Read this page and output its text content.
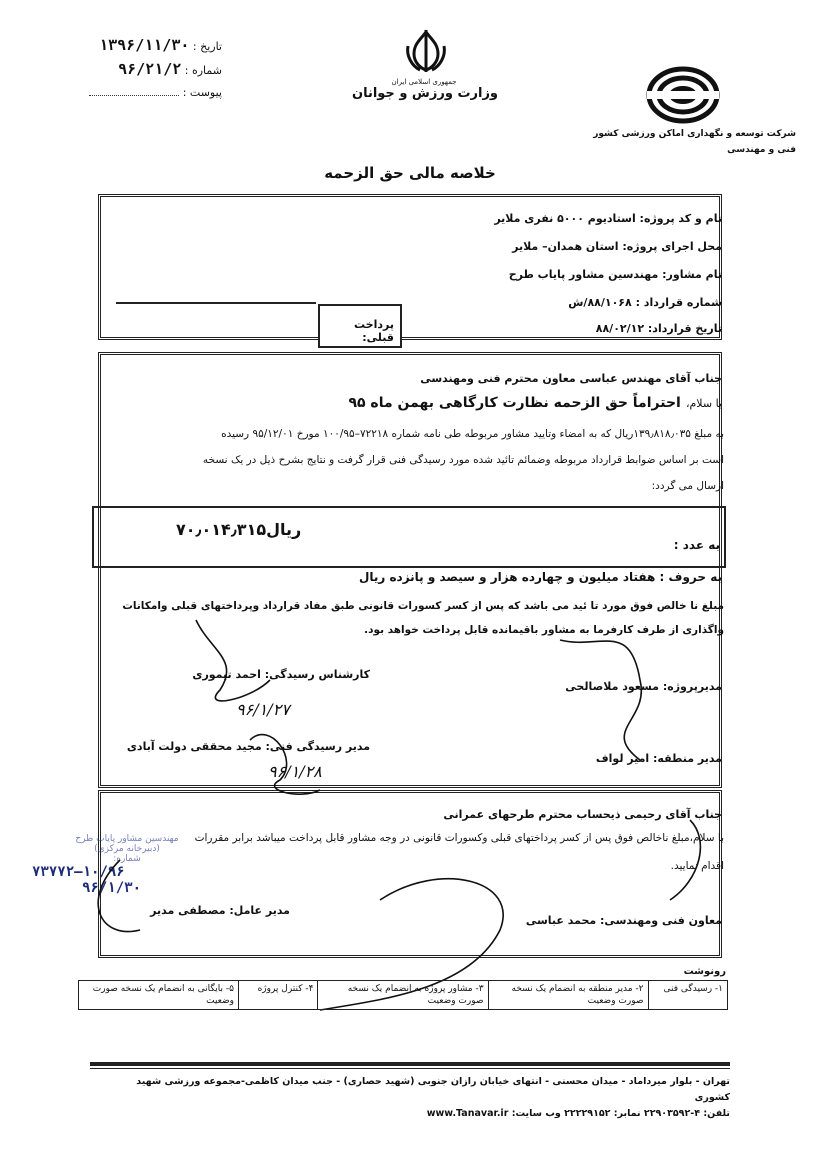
تاریخ : ۱۳۹۶/۱۱/۳۰
شماره : ۹۶/۲۱/۲
پیوست :
جمهوری اسلامی ایران
وزارت ورزش و جوانان
شرکت توسعه و نگهداری اماکن ورزشی کشور
فنی و مهندسی
خلاصه مالی حق الزحمه
نام و کد پروژه: استادیوم ۵۰۰۰ نفری ملایر
محل اجرای پروژه: استان همدان– ملایر
نام مشاور: مهندسین مشاور پایاب طرح
شماره قرارداد : ۸۸/۱۰۶۸/ش
تاریخ قرارداد: ۸۸/۰۲/۱۲
پرداخت قبلی:
جناب آقای مهندس عباسی معاون محترم فنی ومهندسی
با سلام، احتراماً حق الزحمه نظارت کارگاهی بهمن ماه ۹۵
به مبلغ ۱۳۹٫۸۱۸٫۰۳۵ریال که به امضاء وتایید مشاور مربوطه طی نامه شماره ۷۲۲۱۸–۱۰۰/۹۵ مورخ ۹۵/۱۲/۰۱ رسیده
است بر اساس ضوابط قرارداد مربوطه وضمائم تائید شده مورد رسیدگی فنی قرار گرفت و نتایج بشرح ذیل در یک نسخه
ارسال می گردد:
۷۰٫۰۱۴٫۳۱۵ریال
به عدد :
به حروف : هفتاد میلیون و چهارده هزار و سیصد و پانزده ریال
مبلغ نا خالص فوق مورد تا ئید می باشد که پس از کسر کسورات قانونی طبق مفاد قرارداد وپرداختهای قبلی وامکانات
واگذاری از طرف کارفرما به مشاور باقیمانده قابل پرداخت خواهد بود.
کارشناس رسیدگی: احمد تیموری
مدیرپروژه: مسعود ملاصالحی
مدیر رسیدگی فنی: مجید محققی دولت آبادی
مدیر منطقه: امیر لواف
۹۶/۱/۲۷
۹۶/۱/۲۸
جناب آقای رحیمی ذیحساب محترم طرحهای عمرانی
با سلام،مبلغ ناخالص فوق پس از کسر پرداختهای قبلی وکسورات قانونی در وجه مشاور قابل پرداخت میباشد برابر مقررات
اقدام نمایید.
مدیر عامل: مصطفی مدیر
معاون فنی ومهندسی: محمد عباسی
مهندسین مشاور پایاب طرح
(دبیرخانه مرکزی)
شماره:
۱۰/۹۶–۷۳۷۷۲
۹۶/۱/۳۰
رونوشت
۱- رسیدگی فنی	۲- مدیر منطقه به انضمام یک نسخه صورت وضعیت	۳- مشاور پروژه به انضمام یک نسخه صورت وضعیت	۴- کنترل پروژه	۵- بایگانی به انضمام یک نسخه صورت وضعیت
تهران - بلوار میرداماد - میدان محسنی - انتهای خیابان رازان جنوبی (شهید حصاری) - جنب میدان کاظمی-مجموعه ورزشی شهید کشوری
تلفن: ۴-۲۲۹۰۳۵۹۲ نمابر: ۲۲۲۲۹۱۵۲ وب سایت: www.Tanavar.ir
